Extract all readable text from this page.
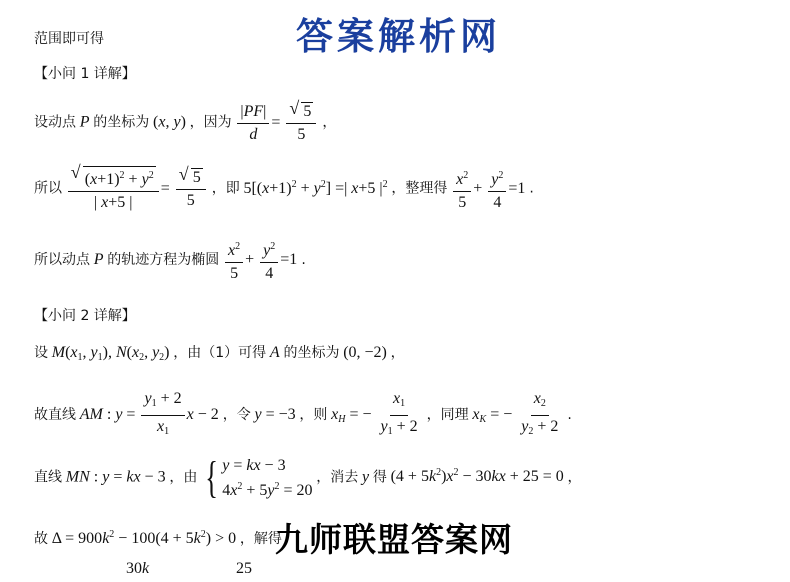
答案解析网
范围即可得
【小问 1 详解】
设动点 P 的坐标为 (x, y) ，因为 $\frac{|PF|}{d}$ = √ $\frac{5}{5}$ ，
所以 √ $\frac{(x+1)^2 + y^2}{| x+5 |}$ = √ $\frac{5}{5}$ ，即 $5[(x+1)^2 + y^2]$ =| x+5 $|^2$ ，整理得 $\frac{x^2}{5} + \frac{y^2}{4} =1$ .
所以动点 P 的轨迹方程为椭圆 $\frac{x^2}{5} + \frac{y^2}{4} =1$ .
【小问 2 详解】
设 $M(x_1$, $y_1$), $N(x_2$, $y_2$) ，由（1）可得 A 的坐标为 (0, −2) ，
故直线 AM : $y = \frac{y_1 + 2}{x_1}$ x − 2 ，令 y = −3 ，则 $x_H$ = − $\frac{x_1}{y_1 + 2}$ ，同理 $x_K$ = − $\frac{x_2}{y_2 + 2}$ .
直线 MN : y = kx − 3 ，由 { y = kx − 3
$4x^2 + 5y^2 = 20$
，消去 y 得 $(4 + 5k^2)x^2 - 30kx + 25 = 0$ ，
故 $\Delta = 900k^2 - 100(4 + 5k^2) > 0$ ，解得
九师联盟答案网
30k	25
